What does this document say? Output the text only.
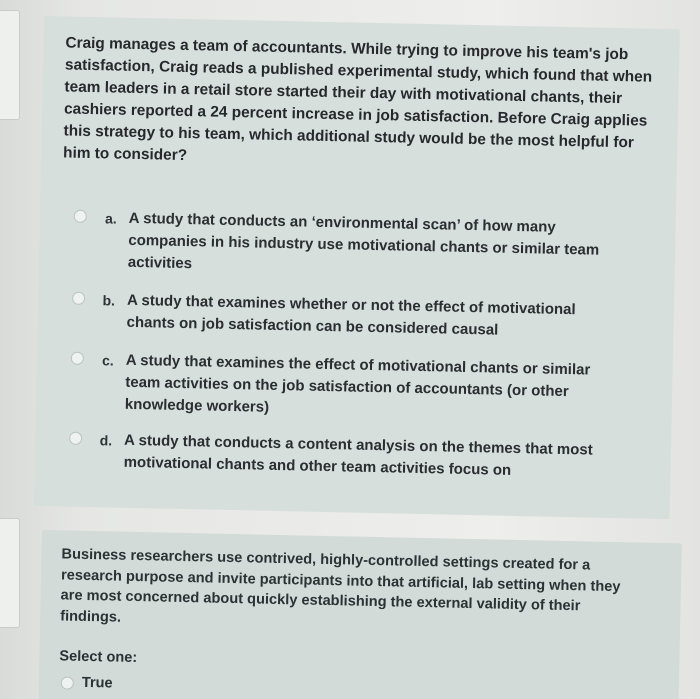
Craig manages a team of accountants. While trying to improve his team's job satisfaction, Craig reads a published experimental study, which found that when team leaders in a retail store started their day with motivational chants, their cashiers reported a 24 percent increase in job satisfaction. Before Craig applies this strategy to his team, which additional study would be the most helpful for him to consider?
a. A study that conducts an ‘environmental scan’ of how many companies in his industry use motivational chants or similar team activities
b. A study that examines whether or not the effect of motivational chants on job satisfaction can be considered causal
c. A study that examines the effect of motivational chants or similar team activities on the job satisfaction of accountants (or other knowledge workers)
d. A study that conducts a content analysis on the themes that most motivational chants and other team activities focus on
Business researchers use contrived, highly-controlled settings created for a research purpose and invite participants into that artificial, lab setting when they are most concerned about quickly establishing the external validity of their findings.
Select one:
True
